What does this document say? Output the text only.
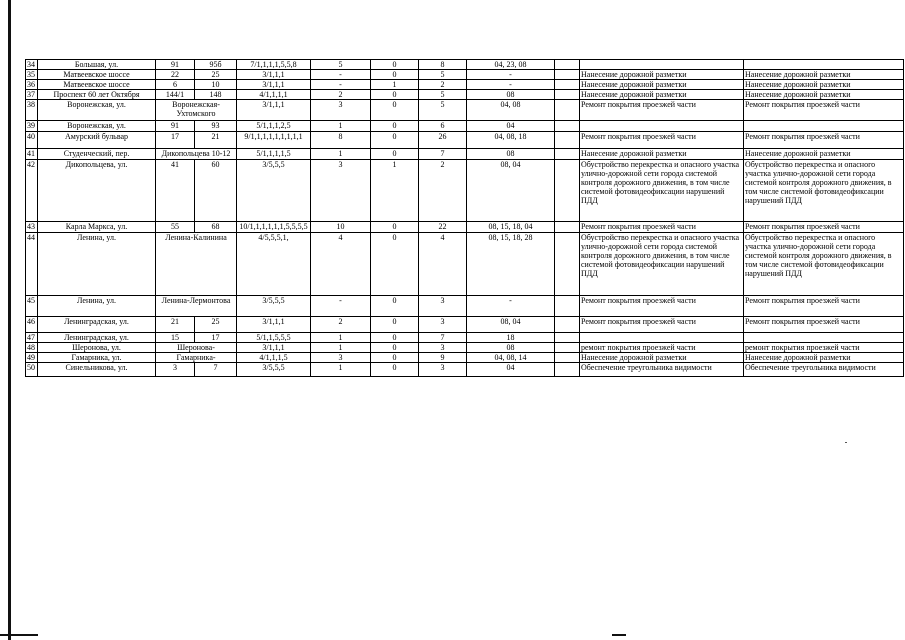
34	Большая, ул.	91	95б	7/1,1,1,1,5,5,8	5	0	8	04, 23, 08			
35	Матвеевское шоссе	22	25	3/1,1,1	-	0	5	-		Нанесение дорожной разметки	Нанесение дорожной разметки
36	Матвеевское шоссе	6	10	3/1,1,1	-	1	2	-		Нанесение дорожной разметки	Нанесение дорожной разметки
37	Проспект 60 лет Октября	144/1	148	4/1,1,1,1	2	0	5	08		Нанесение дорожной разметки	Нанесение дорожной разметки
38	Воронежская, ул.	Воронежская-Ухтомского		3/1,1,1	3	0	5	04, 08		Ремонт покрытия проезжей части	Ремонт покрытия проезжей части
39	Воронежская, ул.	91	93	5/1,1,1,2,5	1	0	6	04			
40	Амурский бульвар	17	21	9/1,1,1,1,1,1,1,1,1	8	0	26	04, 08, 18		Ремонт покрытия проезжей части	Ремонт покрытия проезжей части
41	Студенческий, пер.	Дикопольцева 10-12		5/1,1,1,1,5	1	0	7	08		Нанесение дорожной разметки	Нанесение дорожной разметки
42	Дикопольцева, ул.	41	60	3/5,5,5	3	1	2	08, 04		Обустройство перекрестка и опасного участка улично-дорожной сети города системой контроля дорожного движения, в том числе системой фотовидеофиксации нарушений ПДД	Обустройство перекрестка и опасного участка улично-дорожной сети города системой контроля дорожного движения, в том числе системой фотовидеофиксации нарушений ПДД
43	Карла Маркса, ул.	55	68	10/1,1,1,1,1,1,5,5,5,5	10	0	22	08, 15, 18, 04		Ремонт покрытия проезжей части	Ремонт покрытия проезжей части
44	Ленина, ул.	Ленина-Калинина		4/5,5,5,1,	4	0	4	08, 15, 18, 28		Обустройство перекрестка и опасного участка улично-дорожной сети города системой контроля дорожного движения, в том числе системой фотовидеофиксации нарушений ПДД	Обустройство перекрестка и опасного участка улично-дорожной сети города системой контроля дорожного движения, в том числе системой фотовидеофиксации нарушений ПДД
45	Ленина, ул.	Ленина-Лермонтова		3/5,5,5	-	0	3	-		Ремонт покрытия проезжей части	Ремонт покрытия проезжей части
46	Ленинградская, ул.	21	25	3/1,1,1	2	0	3	08, 04		Ремонт покрытия проезжей части	Ремонт покрытия проезжей части
47	Ленинградская, ул.	15	17	5/1,1,5,5,5	1	0	7	18			
48	Шеронова, ул.	Шеронова-		3/1,1,1	1	0	3	08		ремонт покрытия проезжей части	ремонт покрытия проезжей части
49	Гамарника, ул.	Гамарника-		4/1,1,1,5	3	0	9	04, 08, 14		Нанесение дорожной разметки	Нанесение дорожной разметки
50	Синельникова, ул.	3	7	3/5,5,5	1	0	3	04		Обеспечение треугольника видимости	Обеспечение треугольника видимости
